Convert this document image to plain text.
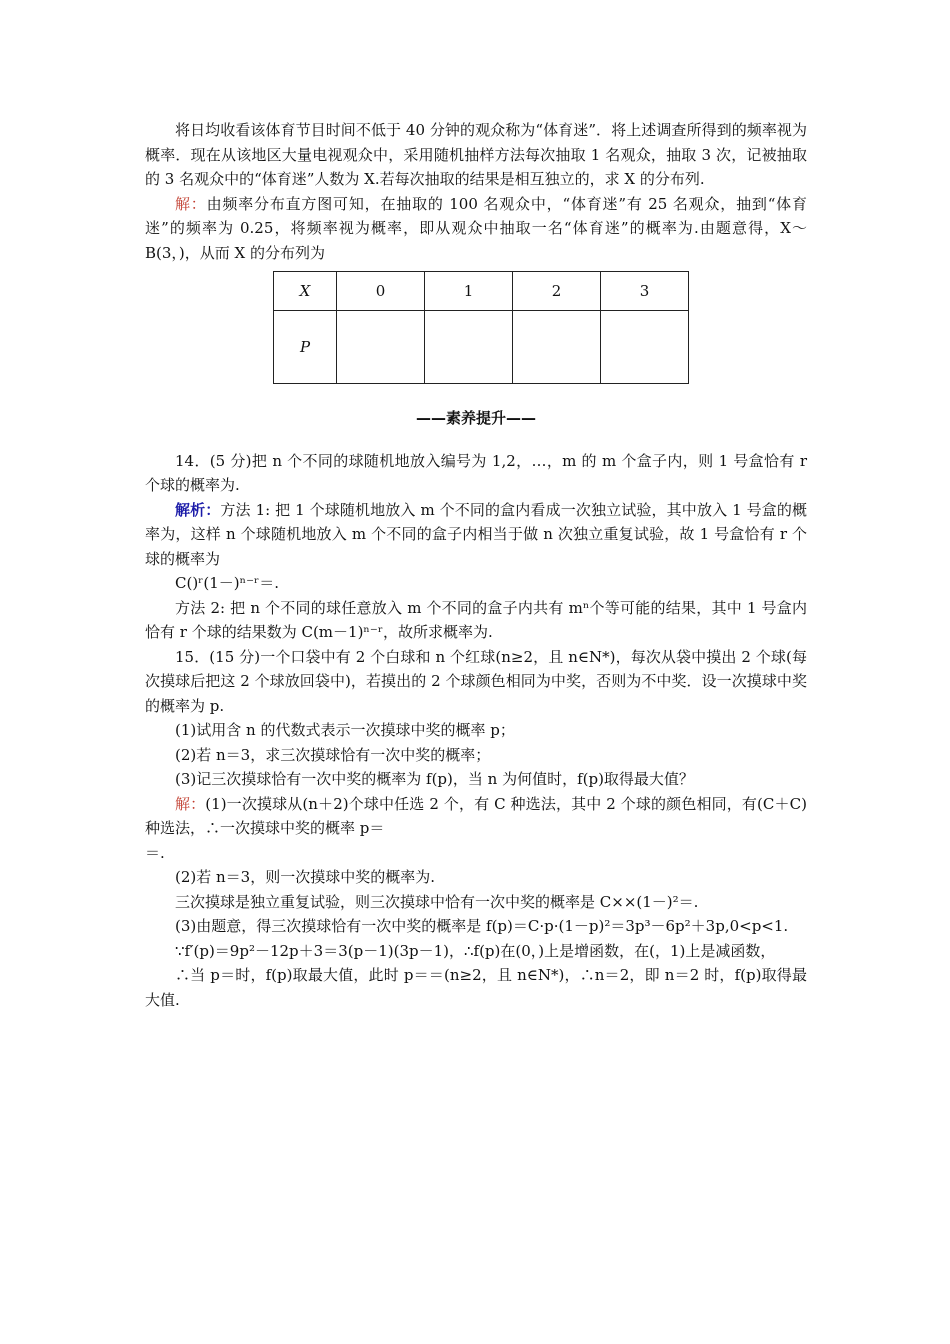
将日均收看该体育节目时间不低于 40 分钟的观众称为“体育迷”．将上述调查所得到的频率视为概率．现在从该地区大量电视观众中，采用随机抽样方法每次抽取 1 名观众，抽取 3 次，记被抽取的 3 名观众中的“体育迷”人数为 X.若每次抽取的结果是相互独立的，求 X 的分布列.

解：由频率分布直方图可知，在抽取的 100 名观众中，“体育迷”有 25 名观众，抽到“体育迷”的频率为 0.25，将频率视为概率，即从观众中抽取一名“体育迷”的概率为.由题意得，X～B(3，)，从而 X 的分布列为

X	0	1	2	3
P				
——素养提升——

14．(5 分)把 n 个不同的球随机地放入编号为 1,2，…，m 的 m 个盒子内，则 1 号盒恰有 r 个球的概率为.

解析：方法 1: 把 1 个球随机地放入 m 个不同的盒内看成一次独立试验，其中放入 1 号盒的概率为，这样 n 个球随机地放入 m 个不同的盒子内相当于做 n 次独立重复试验，故 1 号盒恰有 r 个球的概率为

C()ʳ(1－)ⁿ⁻ʳ＝.

方法 2: 把 n 个不同的球任意放入 m 个不同的盒子内共有 mⁿ个等可能的结果，其中 1 号盒内恰有 r 个球的结果数为 C(m－1)ⁿ⁻ʳ，故所求概率为.

15．(15 分)一个口袋中有 2 个白球和 n 个红球(n≥2，且 n∈N*)，每次从袋中摸出 2 个球(每次摸球后把这 2 个球放回袋中)，若摸出的 2 个球颜色相同为中奖，否则为不中奖．设一次摸球中奖的概率为 p.

(1)试用含 n 的代数式表示一次摸球中奖的概率 p；

(2)若 n＝3，求三次摸球恰有一次中奖的概率；

(3)记三次摸球恰有一次中奖的概率为 f(p)，当 n 为何值时，f(p)取得最大值？

解：(1)一次摸球从(n＋2)个球中任选 2 个，有 C 种选法，其中 2 个球的颜色相同，有(C＋C)种选法，∴一次摸球中奖的概率 p＝

＝.

(2)若 n＝3，则一次摸球中奖的概率为.

三次摸球是独立重复试验，则三次摸球中恰有一次中奖的概率是 C××(1－)²＝.

(3)由题意，得三次摸球恰有一次中奖的概率是 f(p)＝C·p·(1－p)²＝3p³－6p²＋3p,0<p<1.

∵f′(p)＝9p²－12p＋3＝3(p－1)(3p－1)，∴f(p)在(0，)上是增函数，在(，1)上是减函数，

∴当 p＝时，f(p)取最大值，此时 p＝＝(n≥2，且 n∈N*)，∴n＝2，即 n＝2 时，f(p)取得最大值.
